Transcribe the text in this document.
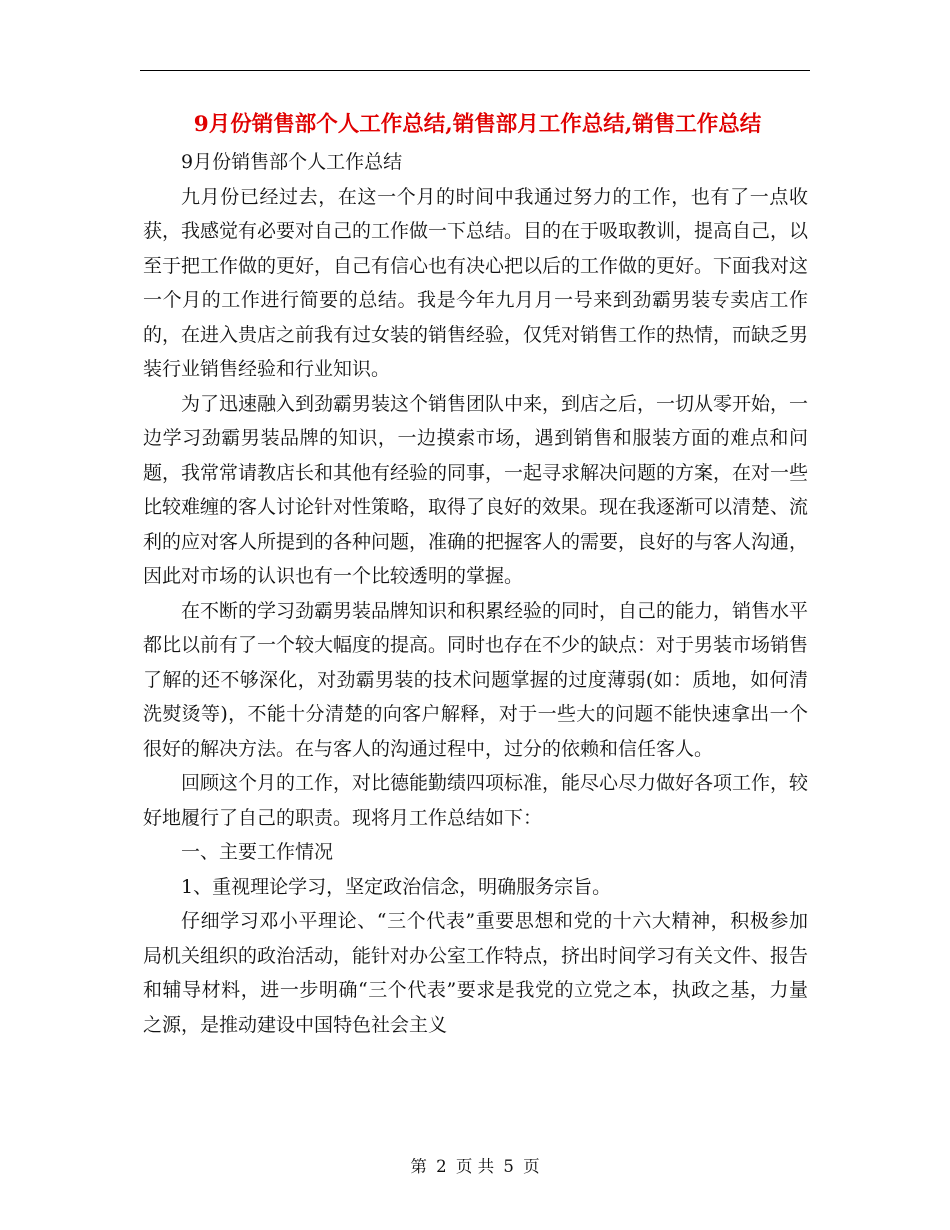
9月份销售部个人工作总结,销售部月工作总结,销售工作总结

9月份销售部个人工作总结

九月份已经过去，在这一个月的时间中我通过努力的工作，也有了一点收获，我感觉有必要对自己的工作做一下总结。目的在于吸取教训，提高自己，以至于把工作做的更好，自己有信心也有决心把以后的工作做的更好。下面我对这一个月的工作进行简要的总结。我是今年九月月一号来到劲霸男装专卖店工作的，在进入贵店之前我有过女装的销售经验，仅凭对销售工作的热情，而缺乏男装行业销售经验和行业知识。

为了迅速融入到劲霸男装这个销售团队中来，到店之后，一切从零开始，一边学习劲霸男装品牌的知识，一边摸索市场，遇到销售和服装方面的难点和问题，我常常请教店长和其他有经验的同事，一起寻求解决问题的方案，在对一些比较难缠的客人讨论针对性策略，取得了良好的效果。现在我逐渐可以清楚、流利的应对客人所提到的各种问题，准确的把握客人的需要，良好的与客人沟通，因此对市场的认识也有一个比较透明的掌握。

在不断的学习劲霸男装品牌知识和积累经验的同时，自己的能力，销售水平都比以前有了一个较大幅度的提高。同时也存在不少的缺点：对于男装市场销售了解的还不够深化，对劲霸男装的技术问题掌握的过度薄弱(如：质地，如何清洗熨烫等)，不能十分清楚的向客户解释，对于一些大的问题不能快速拿出一个很好的解决方法。在与客人的沟通过程中，过分的依赖和信任客人。

回顾这个月的工作，对比德能勤绩四项标准，能尽心尽力做好各项工作，较好地履行了自己的职责。现将月工作总结如下：

一、主要工作情况

1、重视理论学习，坚定政治信念，明确服务宗旨。

仔细学习邓小平理论、“三个代表”重要思想和党的十六大精神，积极参加局机关组织的政治活动，能针对办公室工作特点，挤出时间学习有关文件、报告和辅导材料，进一步明确“三个代表”要求是我党的立党之本，执政之基，力量之源，是推动建设中国特色社会主义

第 2 页 共 5 页
